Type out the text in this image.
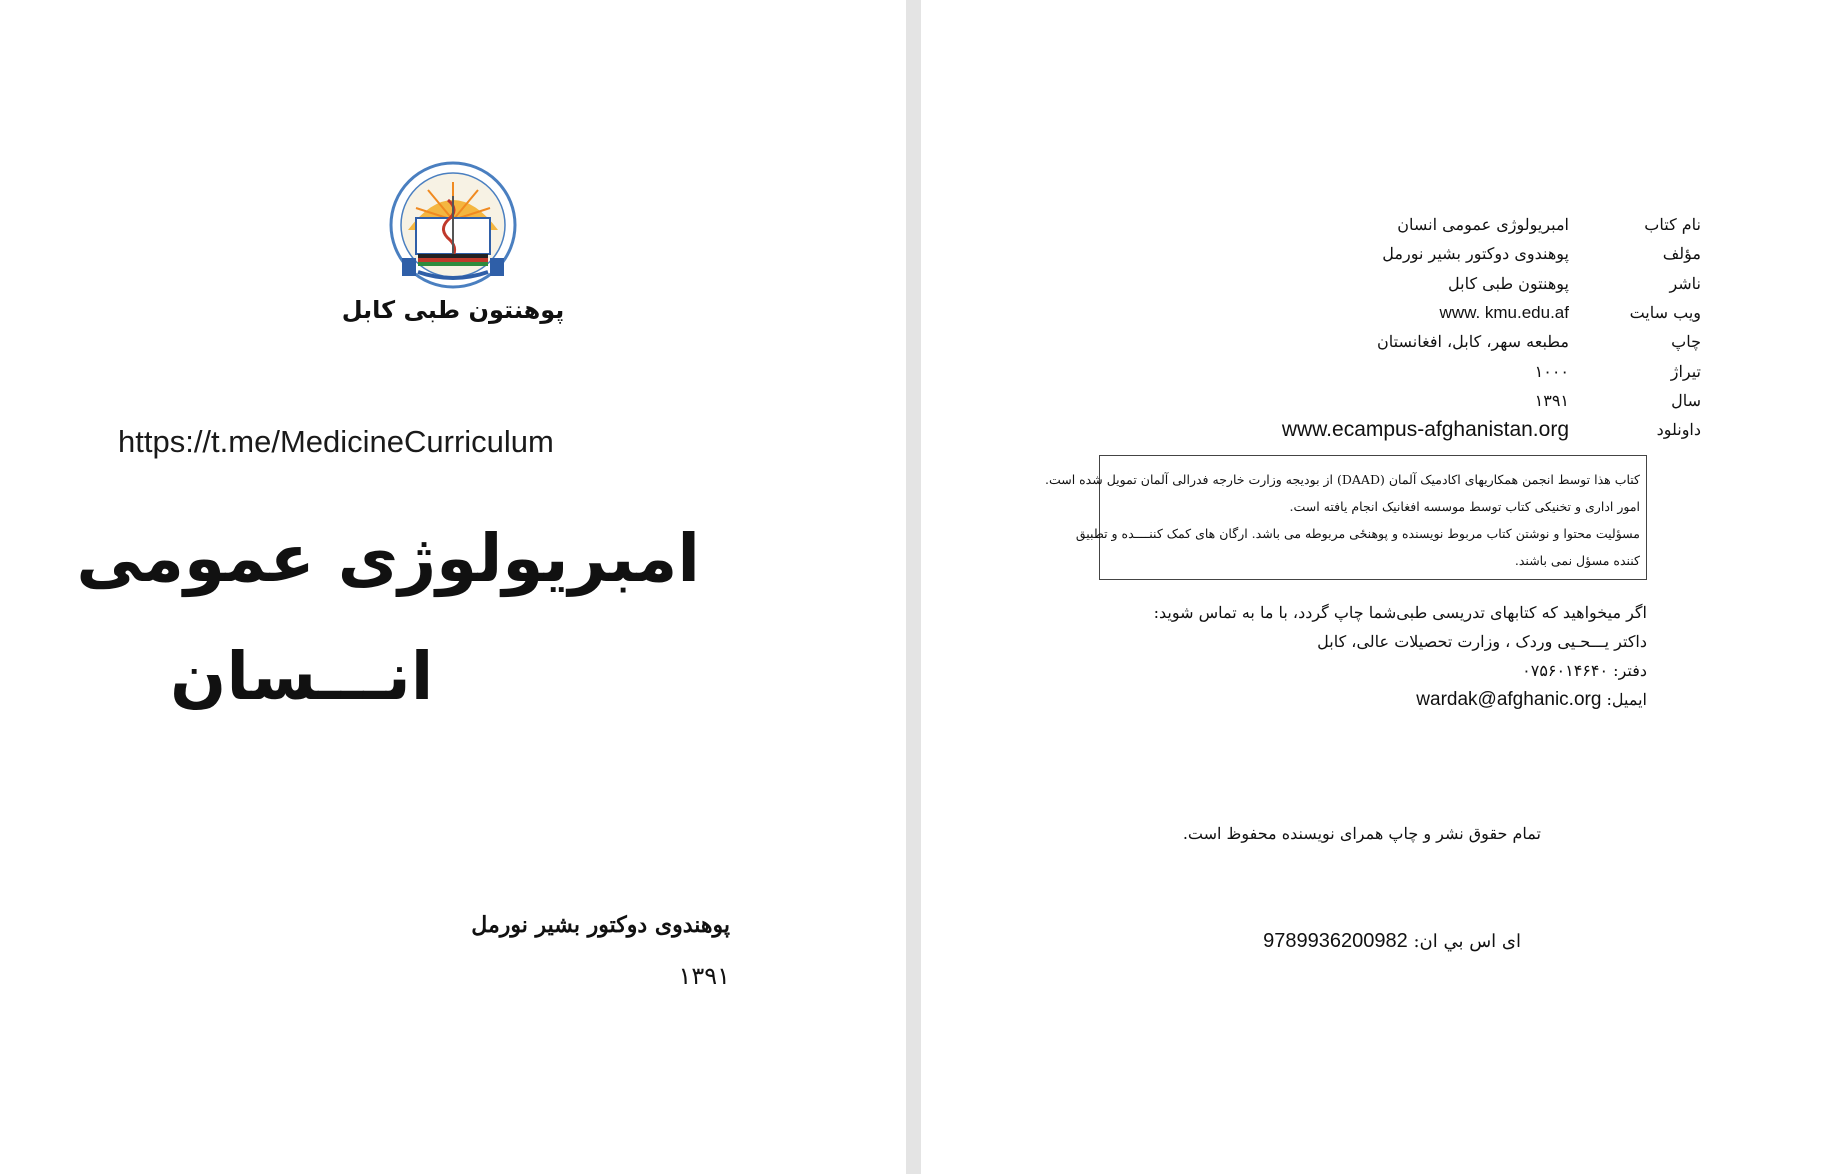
پوهنتون طبی کابل
https://t.me/MedicineCurriculum
امبریولوژی عمومی
انـــسان
پوهندوی دوکتور بشیر نورمل
۱۳۹۱
نام کتاب
امبریولوژی عمومی انسان
مؤلف
پوهندوی دوکتور بشیر نورمل
ناشر
پوهنتون طبی کابل
ویب سایت
www. kmu.edu.af
چاپ
مطبعه سهر، کابل، افغانستان
تیراژ
۱۰۰۰
سال
۱۳۹۱
داونلود
www.ecampus-afghanistan.org
کتاب هذا توسط انجمن همکاریهای اکادمیک آلمان (DAAD) از بودیجه وزارت خارجه فدرالی آلمان تمویل شده است.
امور اداری و تخنیکی کتاب توسط موسسه افغانیک انجام یافته است.
مسؤلیت محتوا و نوشتن کتاب مربوط نویسنده و پوهنځی مربوطه می باشد. ارگان های کمک کننــــده و تطبیق
کننده مسؤل نمی باشند.
اگر میخواهید که کتابهای تدریسی طبی‌شما چاپ گردد، با ما به تماس شوید:
داکتر یـــحـیی وردک ، وزارت تحصیلات عالی، کابل
دفتر: ۰۷۵۶۰۱۴۶۴۰
ایمیل: wardak@afghanic.org
تمام حقوق نشر و چاپ همرای نویسنده محفوظ است.
ای اس بي ان: 9789936200982
